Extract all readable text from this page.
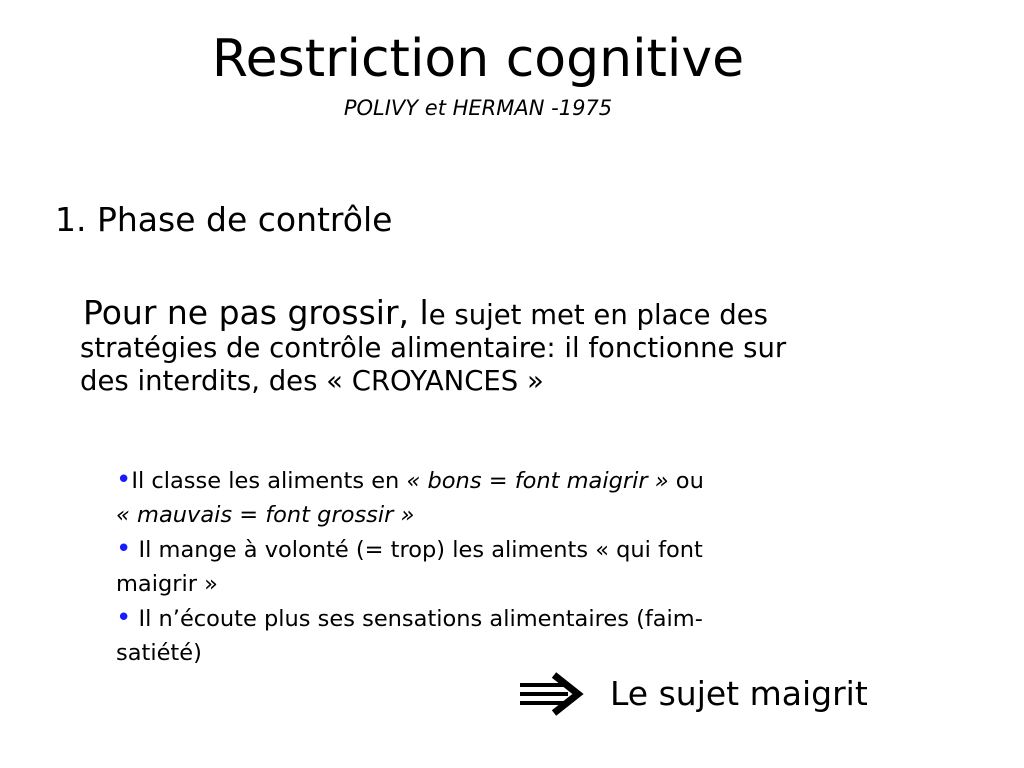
Restriction cognitive
POLIVY et HERMAN -1975
1. Phase de contrôle
Pour ne pas grossir, le sujet met en place des
stratégies de contrôle alimentaire: il fonctionne sur
des interdits, des « CROYANCES »
•Il classe les aliments en « bons = font maigrir » ou
« mauvais = font grossir »
• Il mange à volonté (= trop) les aliments « qui font
maigrir »
• Il n’écoute plus ses sensations alimentaires (faim-
satiété)
Le sujet maigrit
